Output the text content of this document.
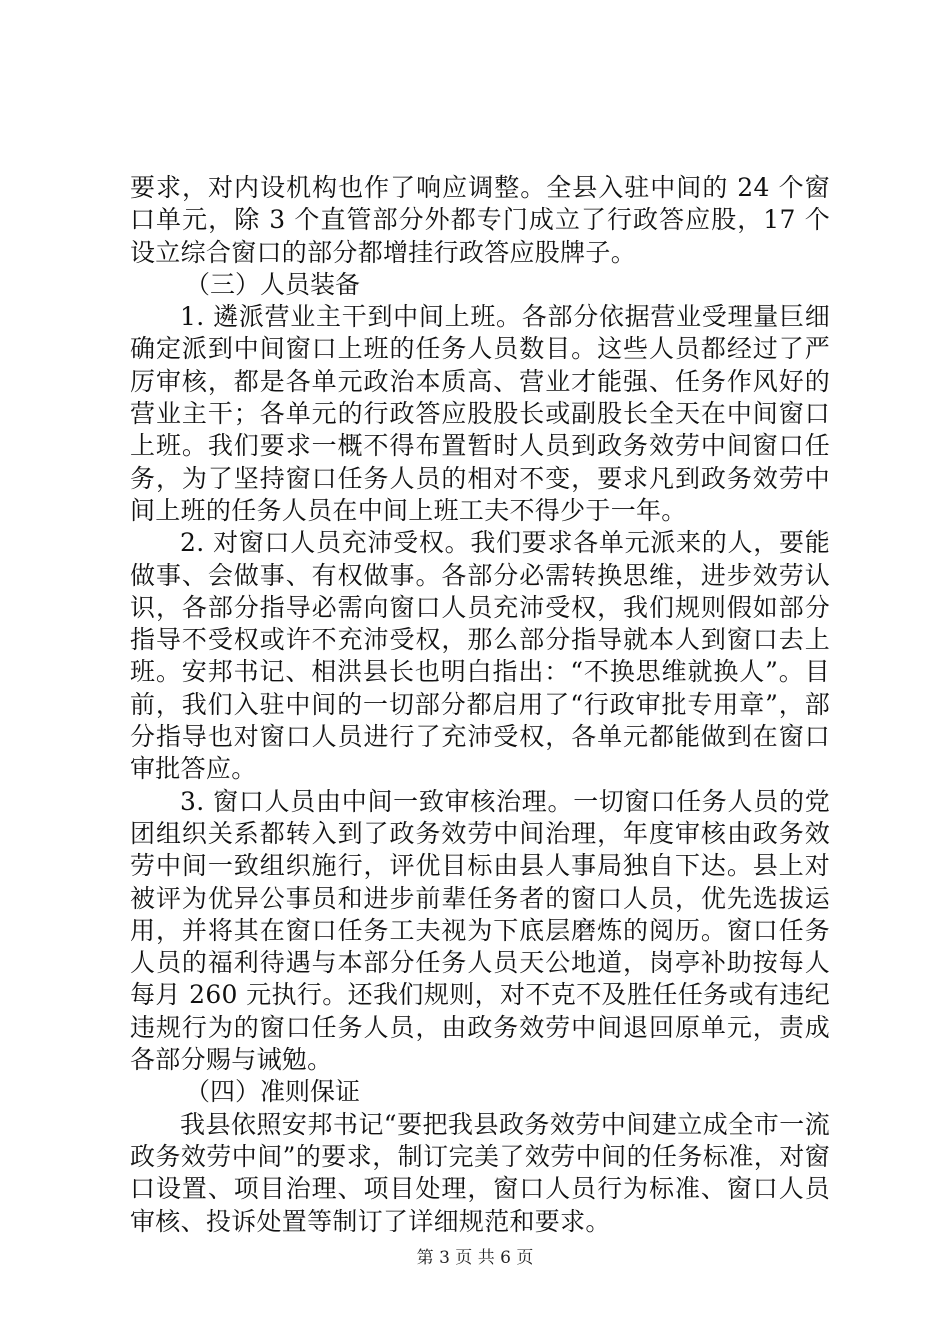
要求，对内设机构也作了响应调整。全县入驻中间的 24 个窗口单元，除 3 个直管部分外都专门成立了行政答应股，17 个设立综合窗口的部分都增挂行政答应股牌子。

（三）人员装备

1. 遴派营业主干到中间上班。各部分依据营业受理量巨细确定派到中间窗口上班的任务人员数目。这些人员都经过了严厉审核，都是各单元政治本质高、营业才能强、任务作风好的营业主干；各单元的行政答应股股长或副股长全天在中间窗口上班。我们要求一概不得布置暂时人员到政务效劳中间窗口任务，为了坚持窗口任务人员的相对不变，要求凡到政务效劳中间上班的任务人员在中间上班工夫不得少于一年。

2. 对窗口人员充沛受权。我们要求各单元派来的人，要能做事、会做事、有权做事。各部分必需转换思维，进步效劳认识，各部分指导必需向窗口人员充沛受权，我们规则假如部分指导不受权或许不充沛受权，那么部分指导就本人到窗口去上班。安邦书记、相洪县长也明白指出：“不换思维就换人”。目前，我们入驻中间的一切部分都启用了“行政审批专用章”，部分指导也对窗口人员进行了充沛受权，各单元都能做到在窗口审批答应。

3. 窗口人员由中间一致审核治理。一切窗口任务人员的党团组织关系都转入到了政务效劳中间治理，年度审核由政务效劳中间一致组织施行，评优目标由县人事局独自下达。县上对被评为优异公事员和进步前辈任务者的窗口人员，优先选拔运用，并将其在窗口任务工夫视为下底层磨炼的阅历。窗口任务人员的福利待遇与本部分任务人员天公地道，岗亭补助按每人每月 260 元执行。还我们规则，对不克不及胜任任务或有违纪违规行为的窗口任务人员，由政务效劳中间退回原单元，责成各部分赐与诫勉。

（四）准则保证

我县依照安邦书记“要把我县政务效劳中间建立成全市一流政务效劳中间”的要求，制订完美了效劳中间的任务标准，对窗口设置、项目治理、项目处理，窗口人员行为标准、窗口人员审核、投诉处置等制订了详细规范和要求。

第 3 页 共 6 页
